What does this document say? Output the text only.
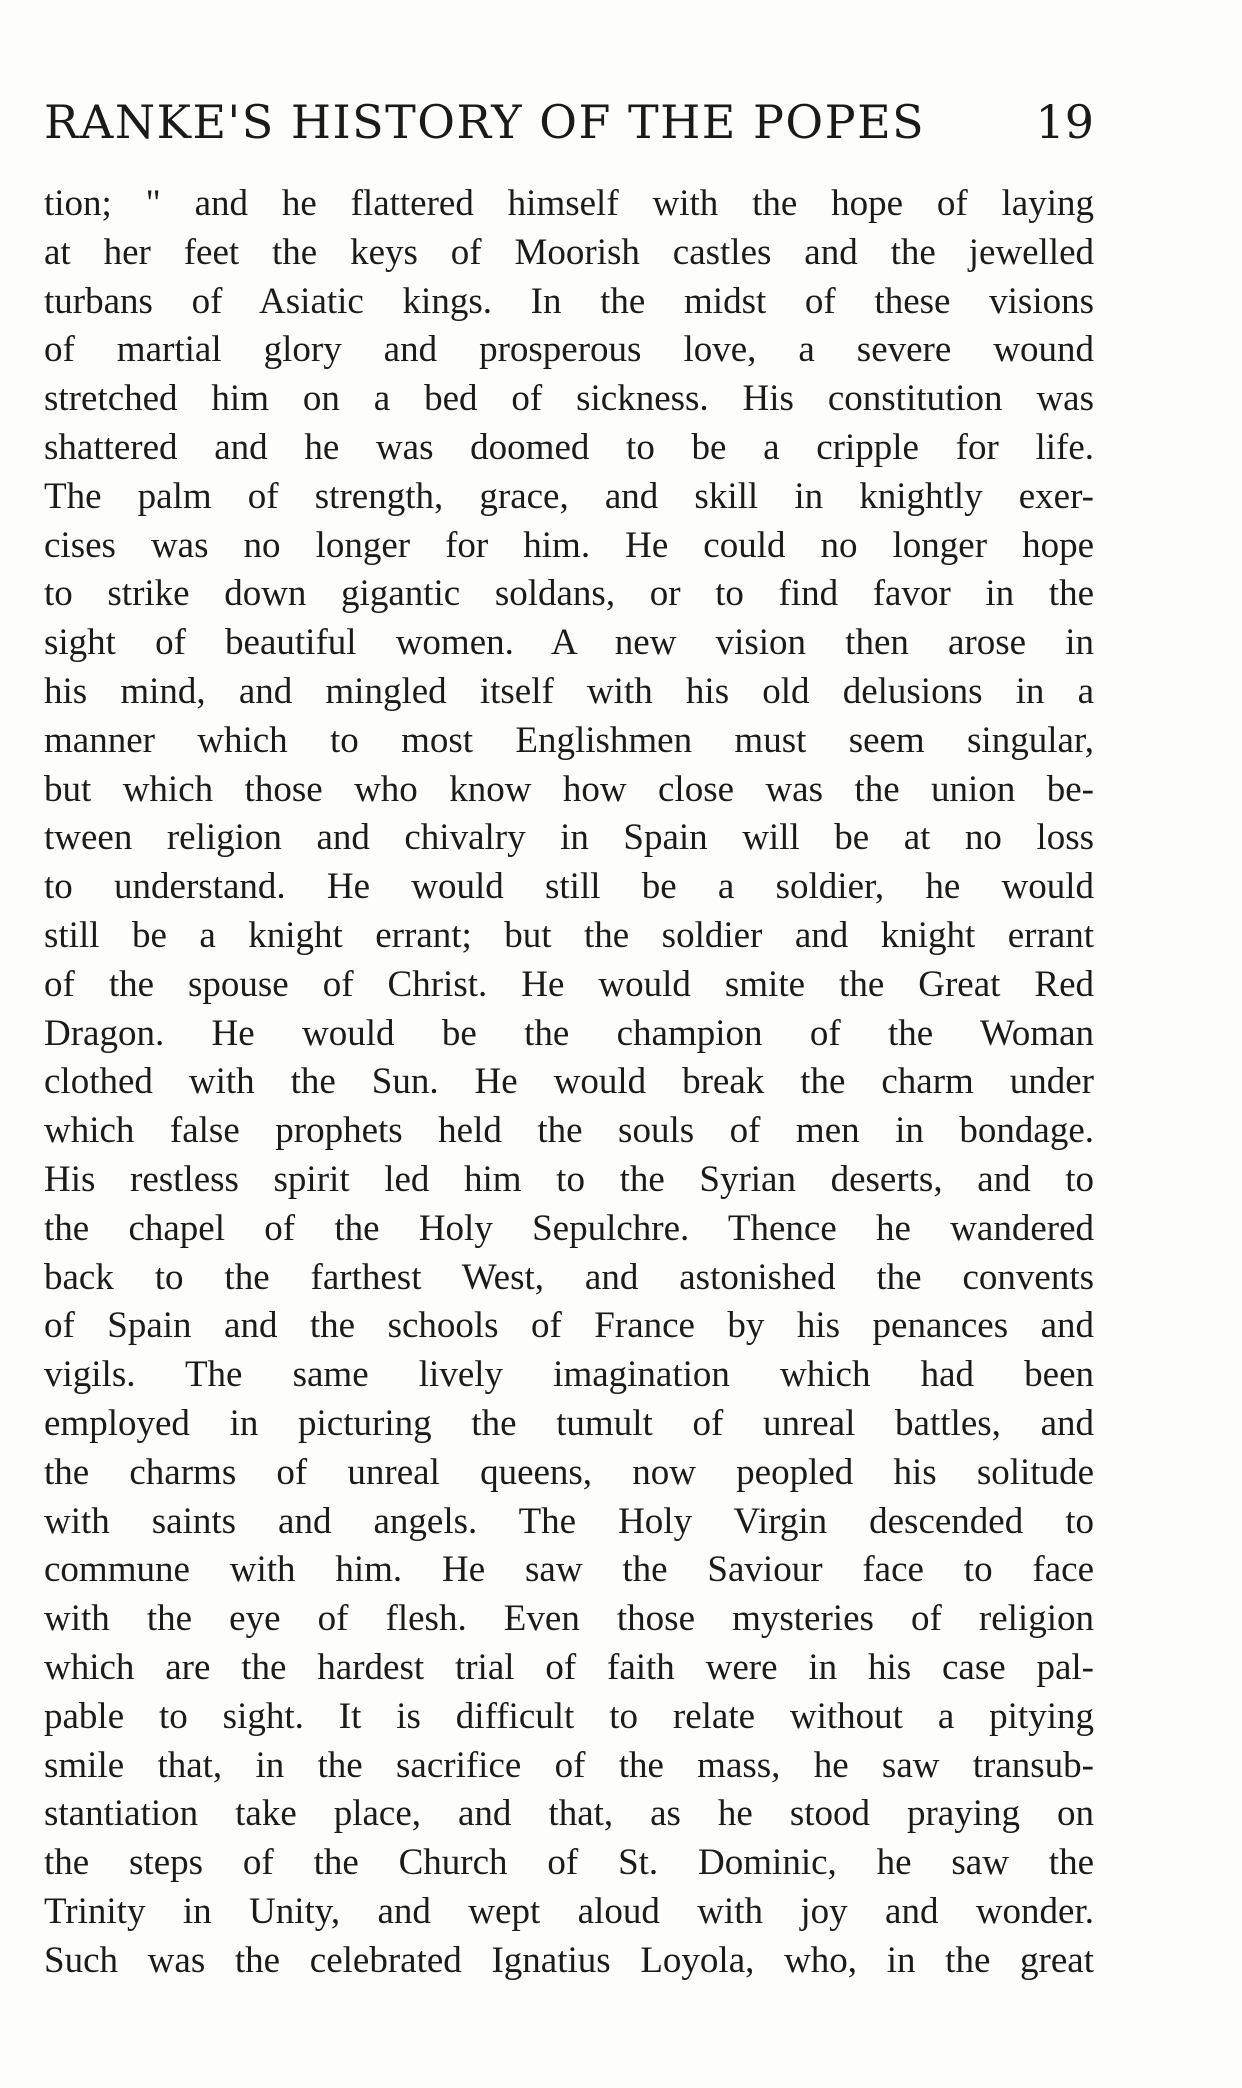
RANKE'S HISTORY OF THE POPES 19
tion; " and he flattered himself with the hope of laying
at her feet the keys of Moorish castles and the jewelled
turbans of Asiatic kings. In the midst of these visions
of martial glory and prosperous love, a severe wound
stretched him on a bed of sickness. His constitution was
shattered and he was doomed to be a cripple for life.
The palm of strength, grace, and skill in knightly exer-
cises was no longer for him. He could no longer hope
to strike down gigantic soldans, or to find favor in the
sight of beautiful women. A new vision then arose in
his mind, and mingled itself with his old delusions in a
manner which to most Englishmen must seem singular,
but which those who know how close was the union be-
tween religion and chivalry in Spain will be at no loss
to understand. He would still be a soldier, he would
still be a knight errant; but the soldier and knight errant
of the spouse of Christ. He would smite the Great Red
Dragon. He would be the champion of the Woman
clothed with the Sun. He would break the charm under
which false prophets held the souls of men in bondage.
His restless spirit led him to the Syrian deserts, and to
the chapel of the Holy Sepulchre. Thence he wandered
back to the farthest West, and astonished the convents
of Spain and the schools of France by his penances and
vigils. The same lively imagination which had been
employed in picturing the tumult of unreal battles, and
the charms of unreal queens, now peopled his solitude
with saints and angels. The Holy Virgin descended to
commune with him. He saw the Saviour face to face
with the eye of flesh. Even those mysteries of religion
which are the hardest trial of faith were in his case pal-
pable to sight. It is difficult to relate without a pitying
smile that, in the sacrifice of the mass, he saw transub-
stantiation take place, and that, as he stood praying on
the steps of the Church of St. Dominic, he saw the
Trinity in Unity, and wept aloud with joy and wonder.
Such was the celebrated Ignatius Loyola, who, in the great
